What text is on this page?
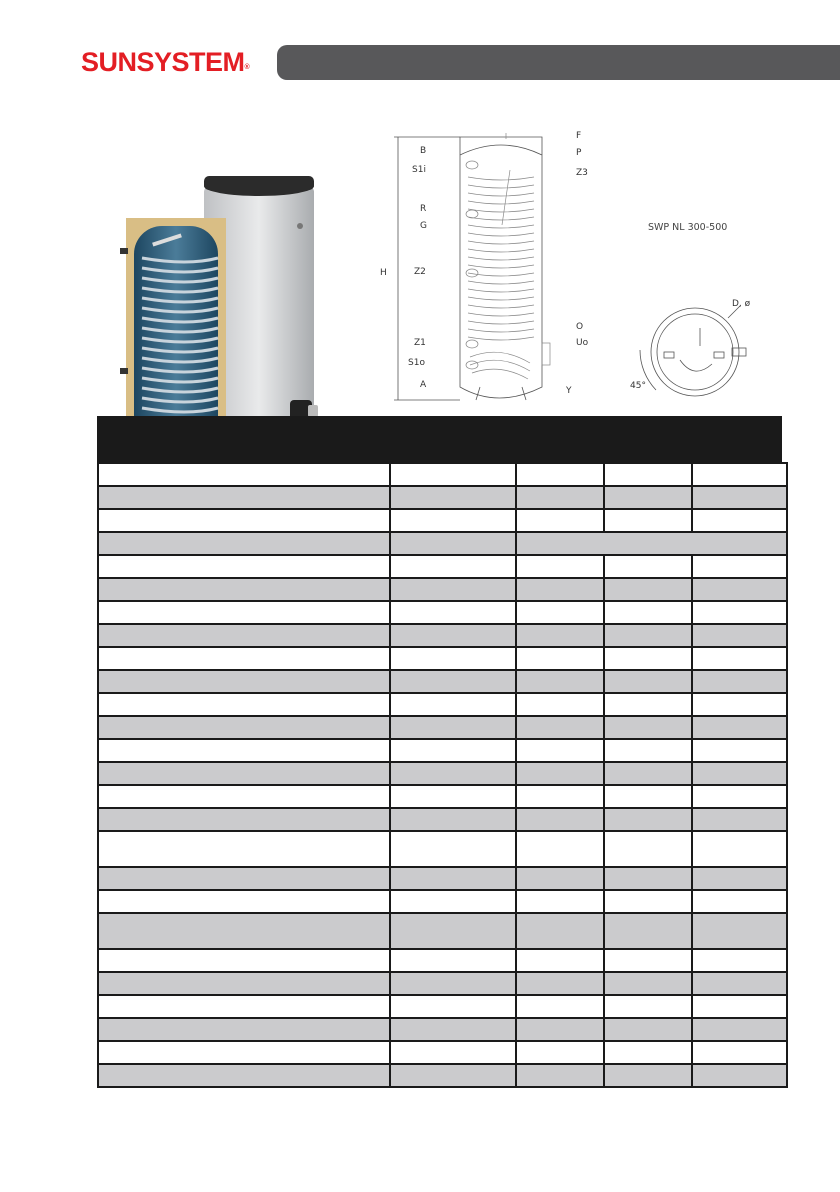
SUNSYSTEM®
H
B
S1i
R
G
Z2
Z1
S1o
A
F
P
Z3
O
Uo
Y
SWP NL 300-500
D, ø
45°
